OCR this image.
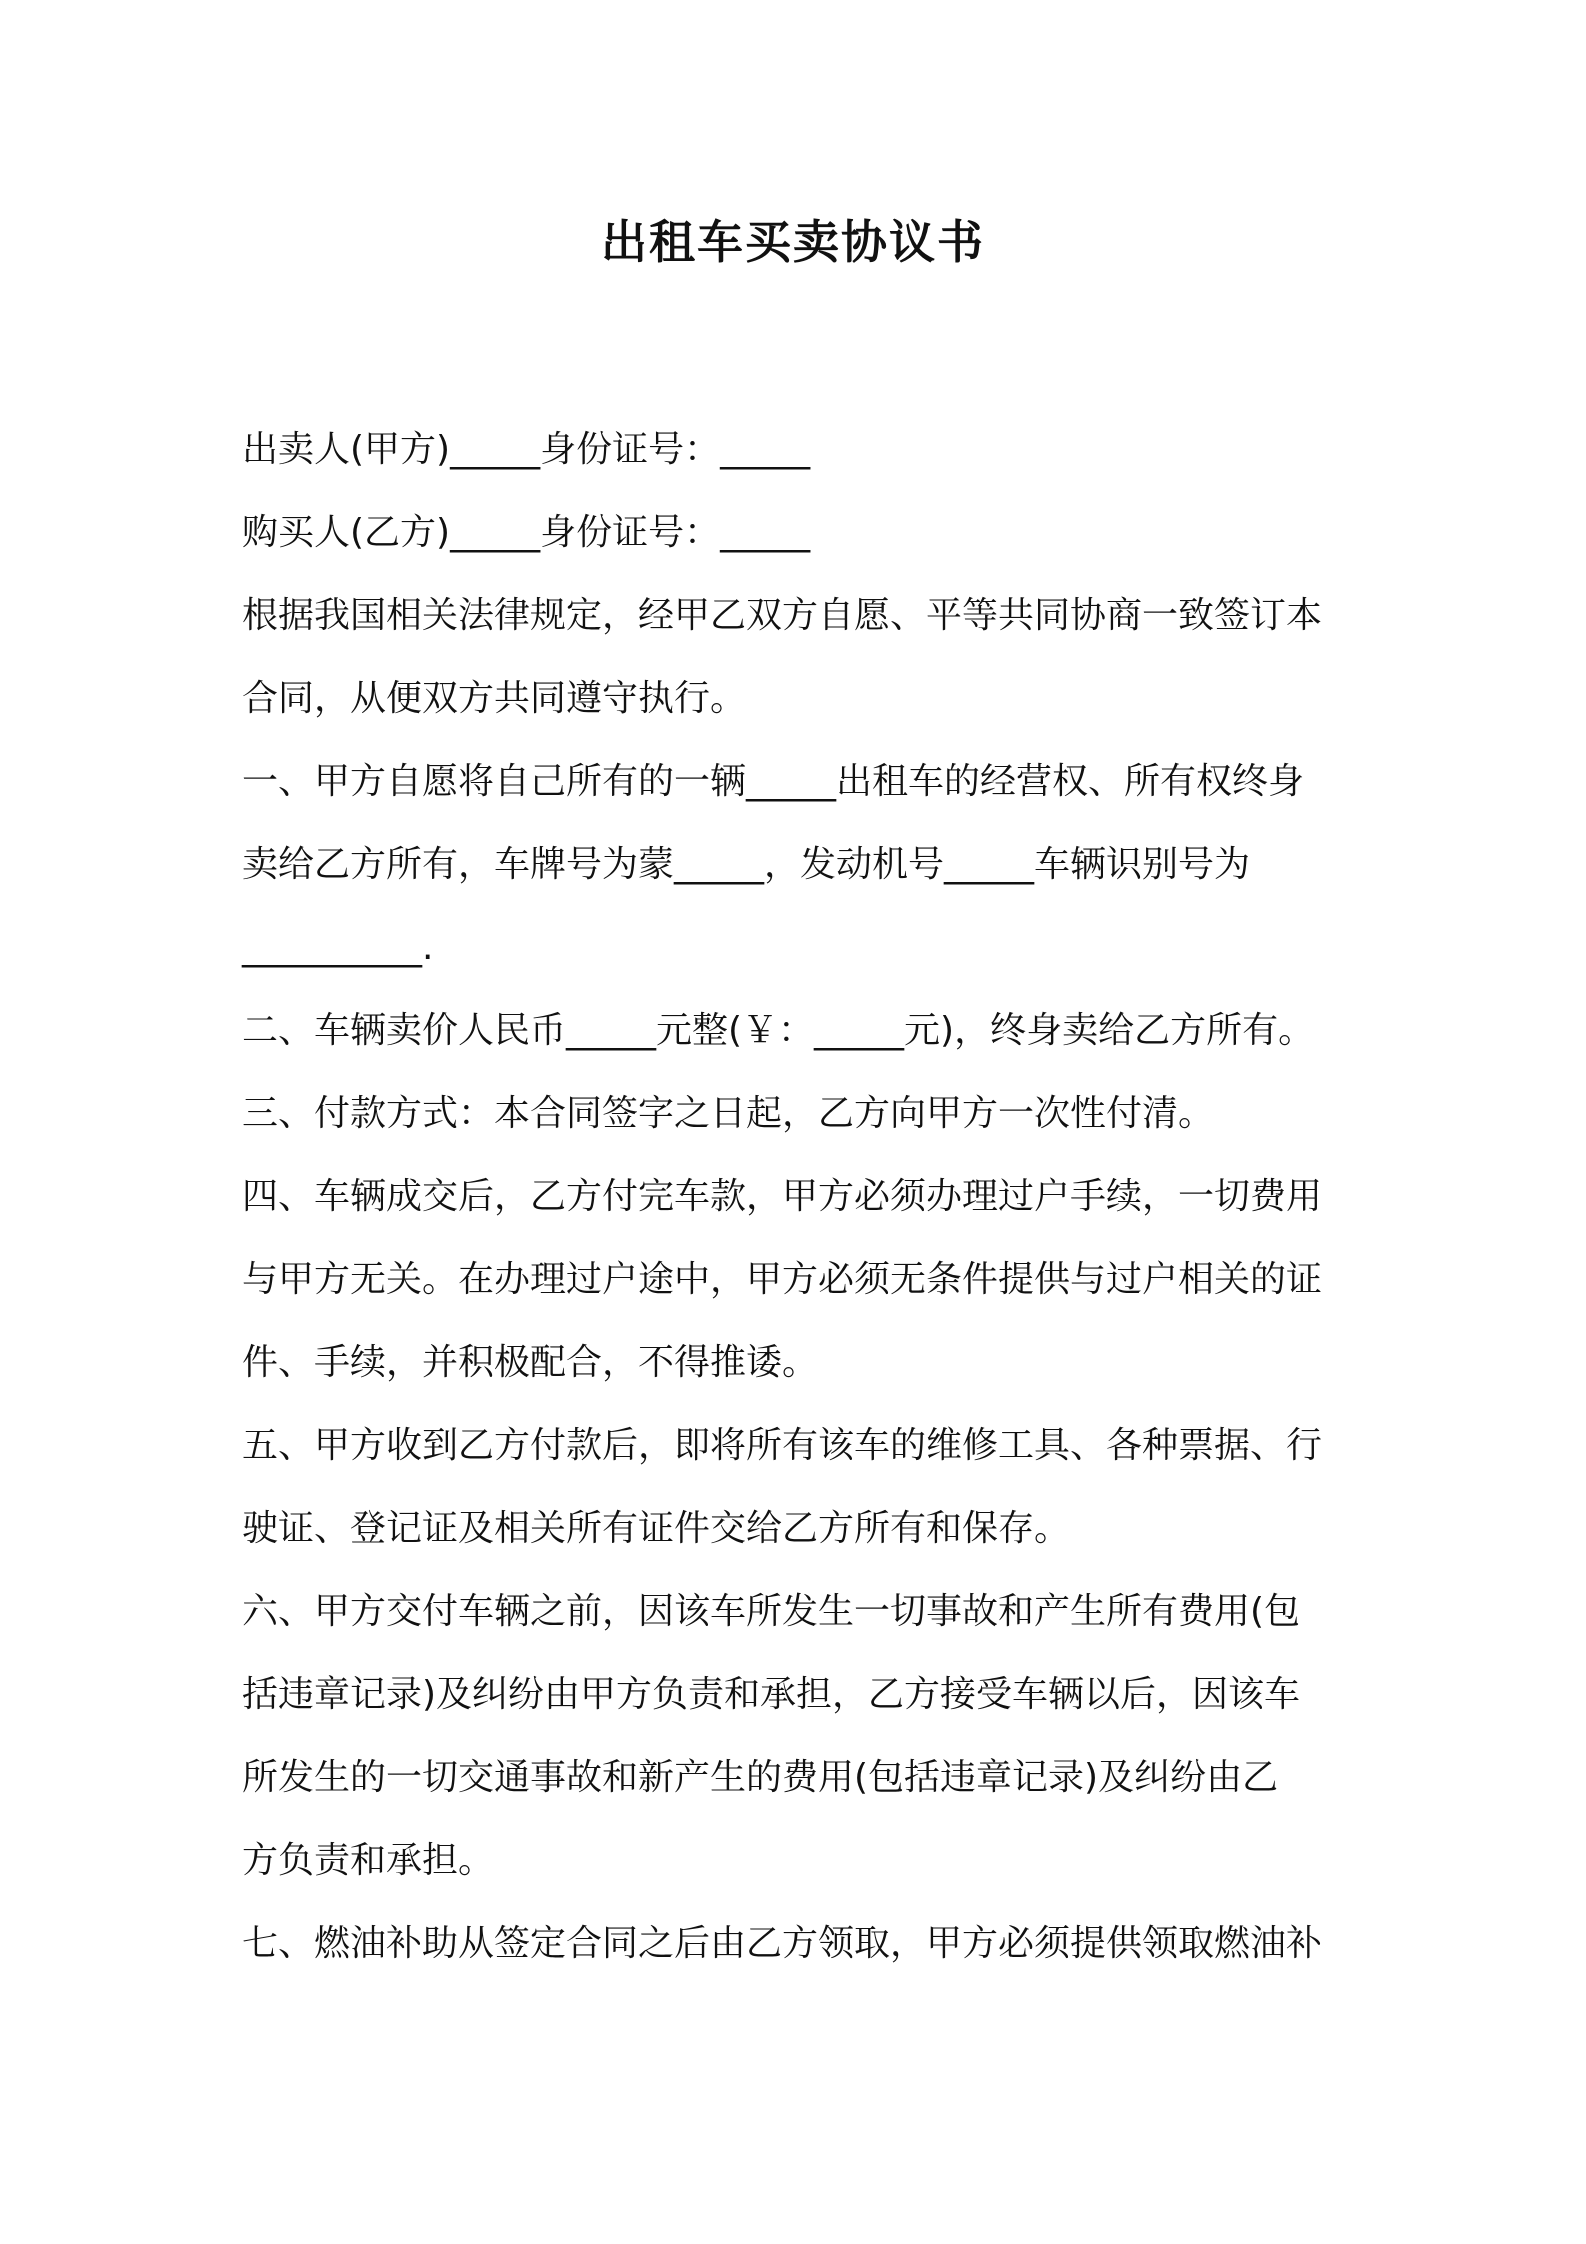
出租车买卖协议书
出卖人(甲方)_____身份证号：_____
购买人(乙方)_____身份证号：_____
根据我国相关法律规定，经甲乙双方自愿、平等共同协商一致签订本
合同，从便双方共同遵守执行。
一、甲方自愿将自己所有的一辆_____出租车的经营权、所有权终身
卖给乙方所有，车牌号为蒙_____，发动机号_____车辆识别号为
__________.
二、车辆卖价人民币_____元整(￥：_____元)，终身卖给乙方所有。
三、付款方式：本合同签字之日起，乙方向甲方一次性付清。
四、车辆成交后，乙方付完车款，甲方必须办理过户手续，一切费用
与甲方无关。在办理过户途中，甲方必须无条件提供与过户相关的证
件、手续，并积极配合，不得推诿。
五、甲方收到乙方付款后，即将所有该车的维修工具、各种票据、行
驶证、登记证及相关所有证件交给乙方所有和保存。
六、甲方交付车辆之前，因该车所发生一切事故和产生所有费用(包
括违章记录)及纠纷由甲方负责和承担，乙方接受车辆以后，因该车
所发生的一切交通事故和新产生的费用(包括违章记录)及纠纷由乙
方负责和承担。
七、燃油补助从签定合同之后由乙方领取，甲方必须提供领取燃油补
